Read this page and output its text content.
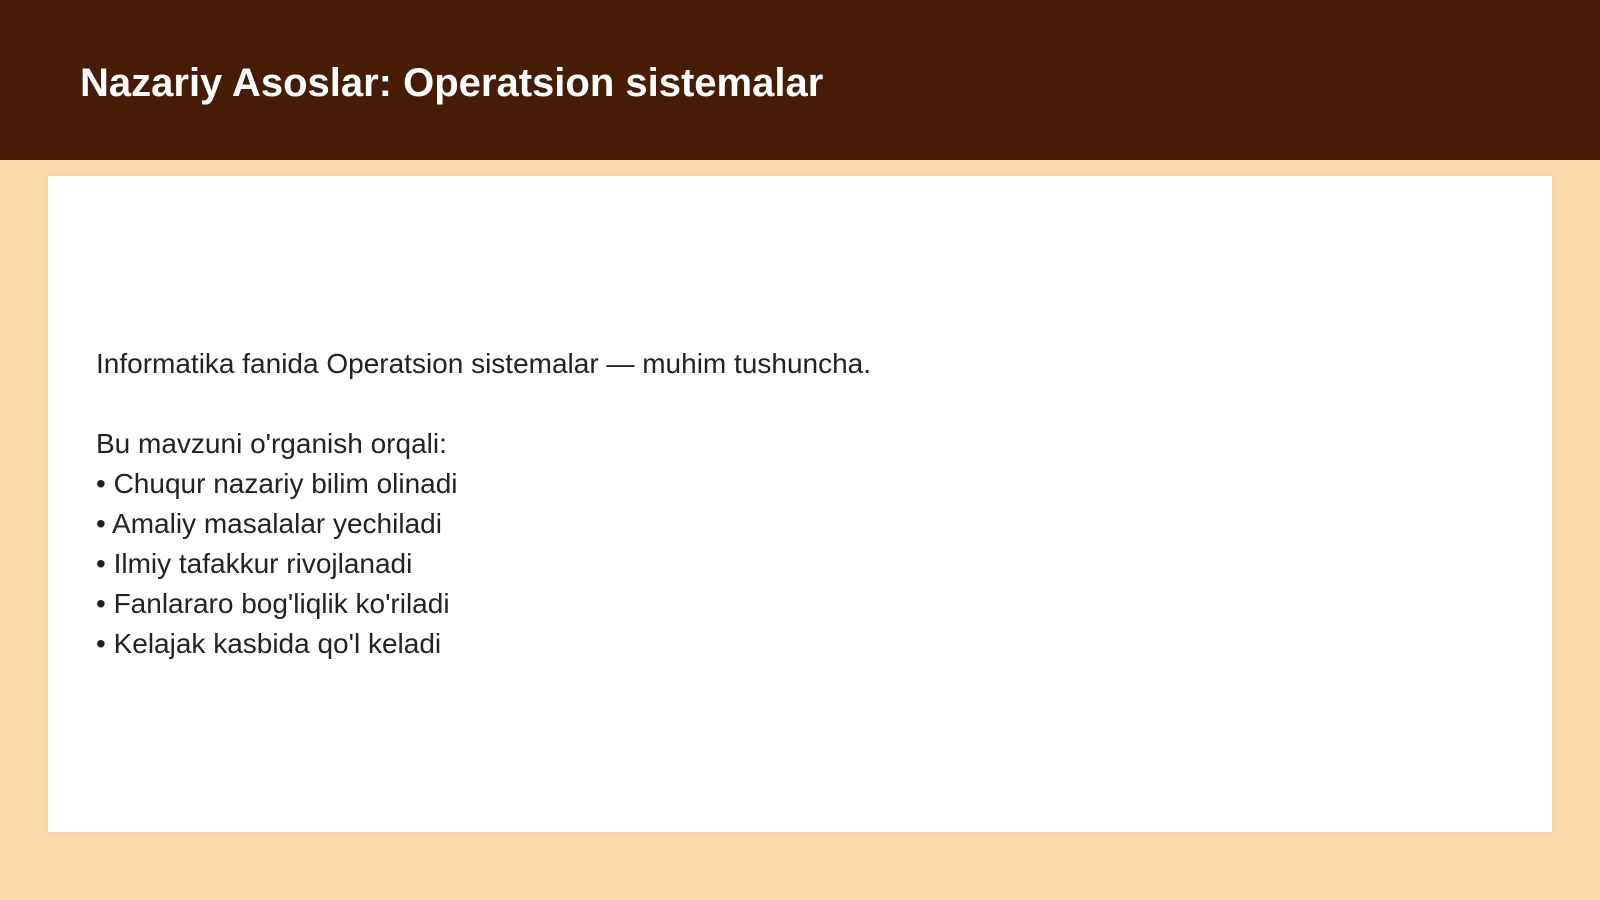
Nazariy Asoslar: Operatsion sistemalar

Informatika fanida Operatsion sistemalar — muhim tushuncha.

Bu mavzuni o'rganish orqali:

• Chuqur nazariy bilim olinadi
• Amaliy masalalar yechiladi
• Ilmiy tafakkur rivojlanadi
• Fanlararo bog'liqlik ko'riladi
• Kelajak kasbida qo'l keladi
